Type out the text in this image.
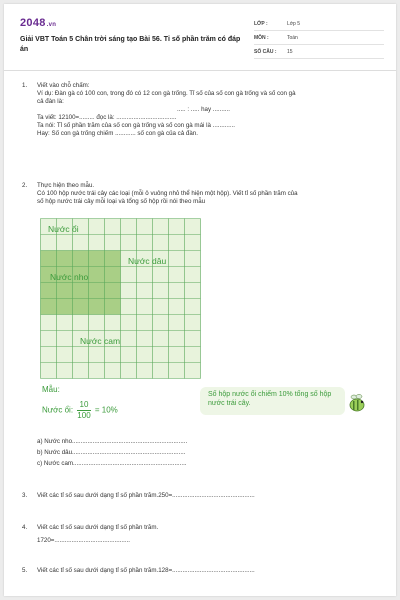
2048.vn
Giải VBT Toán 5 Chân trời sáng tạo Bài 56. Tỉ số phần trăm có đáp án
LỚP :	Lớp 5
MÔN :	Toán
SỐ CÂU : 15
1.	Viết vào chỗ chấm:
Ví dụ: Đàn gà có 100 con, trong đó có 12 con gà trống. Tỉ số của số con gà trống và số con gà
cả đàn là:
..... : ..... hay ..........
Ta viết: 12100=......... đọc là: ...................................
Ta nói: Tỉ số phần trăm của số con gà trống và số con gà mái là .............
Hay: Số con gà trống chiếm ............ số con gà của cả đàn.
2.	Thực hiện theo mẫu.
Có 100 hộp nước trái cây các loại (mỗi ô vuông nhỏ thể hiện một hộp). Viết tỉ số phần trăm của
số hộp nước trái cây mỗi loại và tổng số hộp rồi nói theo mẫu
Nước ổi
Nước dâu
Nước nho
Nước cam
Mẫu:
Nước ổi: $\frac{10}{100} = 10\%$
Số hộp nước ổi chiếm 10% tổng số hộp nước trái cây.
a) Nước nho...................................................................
b) Nước dâu..................................................................
c) Nước cam..................................................................
3.	Viết các tỉ số sau dưới dạng tỉ số phần trăm.250=................................................
4.	Viết các tỉ số sau dưới dạng tỉ số phần trăm.
1720=............................................
5.	Viết các tỉ số sau dưới dạng tỉ số phần trăm.128=................................................
